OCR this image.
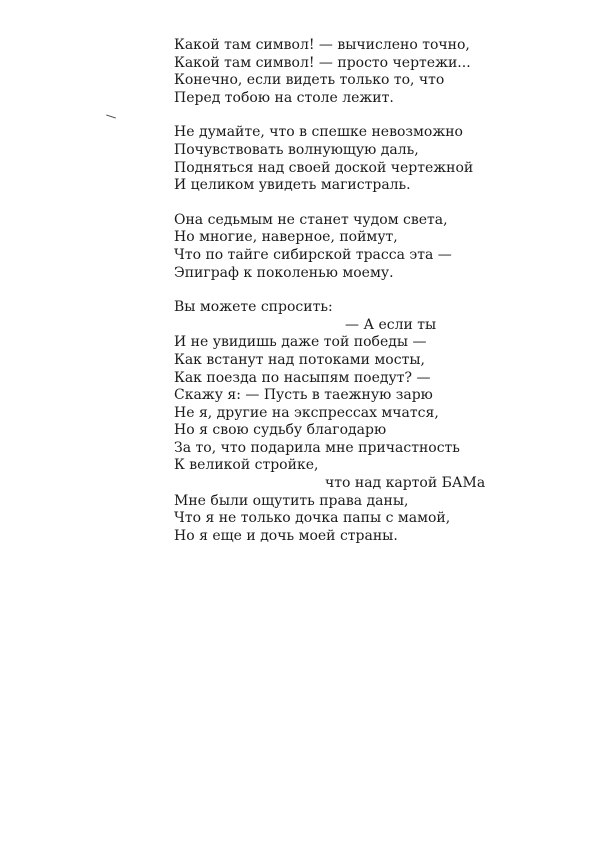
Какой там символ! — вычислено точно,
Какой там символ! — просто чертежи...
Конечно, если видеть только то, что
Перед тобою на столе лежит.
Не думайте, что в спешке невозможно
Почувствовать волнующую даль,
Подняться над своей доской чертежной
И целиком увидеть магистраль.
Она седьмым не станет чудом света,
Но многие, наверное, поймут,
Что по тайге сибирской трасса эта —
Эпиграф к поколенью моему.
Вы можете спросить:
— А если ты
И не увидишь даже той победы —
Как встанут над потоками мосты,
Как поезда по насыпям поедут? —
Скажу я: — Пусть в таежную зарю
Не я, другие на экспрессах мчатся,
Но я свою судьбу благодарю
За то, что подарила мне причастность
К великой стройке,
что над картой БАМа
Мне были ощутить права даны,
Что я не только дочка папы с мамой,
Но я еще и дочь моей страны.
